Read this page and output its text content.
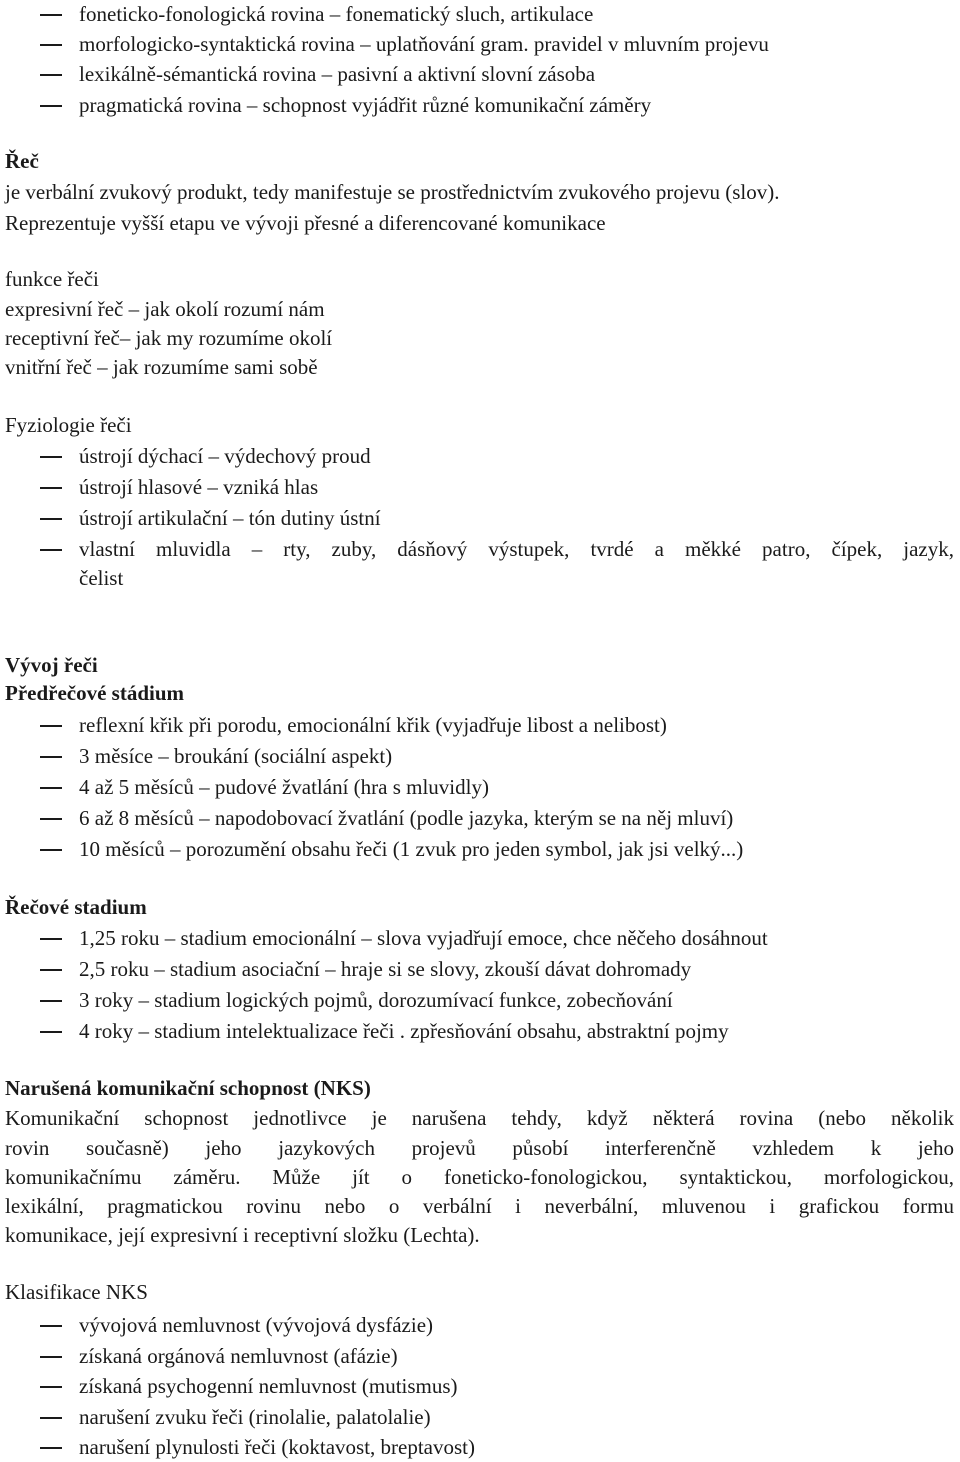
foneticko-fonologická rovina – fonematický sluch, artikulace
morfologicko-syntaktická rovina – uplatňování gram. pravidel v mluvním projevu
lexikálně-sémantická rovina – pasivní a aktivní slovní zásoba
pragmatická rovina – schopnost vyjádřit různé komunikační záměry
Řeč
je verbální zvukový produkt, tedy manifestuje se prostřednictvím zvukového projevu (slov).
Reprezentuje vyšší etapu ve vývoji přesné a diferencované komunikace
funkce řeči
expresivní řeč – jak okolí rozumí nám
receptivní řeč– jak my rozumíme okolí
vnitřní řeč – jak rozumíme sami sobě
Fyziologie řeči
ústrojí dýchací – výdechový proud
ústrojí hlasové – vzniká hlas
ústrojí artikulační – tón dutiny ústní
vlastní mluvidla – rty, zuby, dásňový výstupek, tvrdé a měkké patro, čípek, jazyk,
čelist
Vývoj řeči
Předřečové stádium
reflexní křik při porodu, emocionální křik (vyjadřuje libost a nelibost)
3 měsíce – broukání (sociální aspekt)
4 až 5 měsíců – pudové žvatlání (hra s mluvidly)
6 až 8 měsíců – napodobovací žvatlání (podle jazyka, kterým se na něj mluví)
10 měsíců – porozumění obsahu řeči (1 zvuk pro jeden symbol, jak jsi velký...)
Řečové stadium
1,25 roku – stadium emocionální – slova vyjadřují emoce, chce něčeho dosáhnout
2,5 roku – stadium asociační – hraje si se slovy, zkouší dávat dohromady
3 roky – stadium logických pojmů, dorozumívací funkce, zobecňování
4 roky – stadium intelektualizace řeči . zpřesňování obsahu, abstraktní pojmy
Narušená komunikační schopnost (NKS)
Komunikační schopnost jednotlivce je narušena tehdy, když některá rovina (nebo několik
rovin současně) jeho jazykových projevů působí interferenčně vzhledem k jeho
komunikačnímu záměru. Může jít o foneticko-fonologickou, syntaktickou, morfologickou,
lexikální, pragmatickou rovinu nebo o verbální i neverbální, mluvenou i grafickou formu
komunikace, její expresivní i receptivní složku (Lechta).
Klasifikace NKS
vývojová nemluvnost (vývojová dysfázie)
získaná orgánová nemluvnost (afázie)
získaná psychogenní nemluvnost (mutismus)
narušení zvuku řeči (rinolalie, palatolalie)
narušení plynulosti řeči (koktavost, breptavost)
